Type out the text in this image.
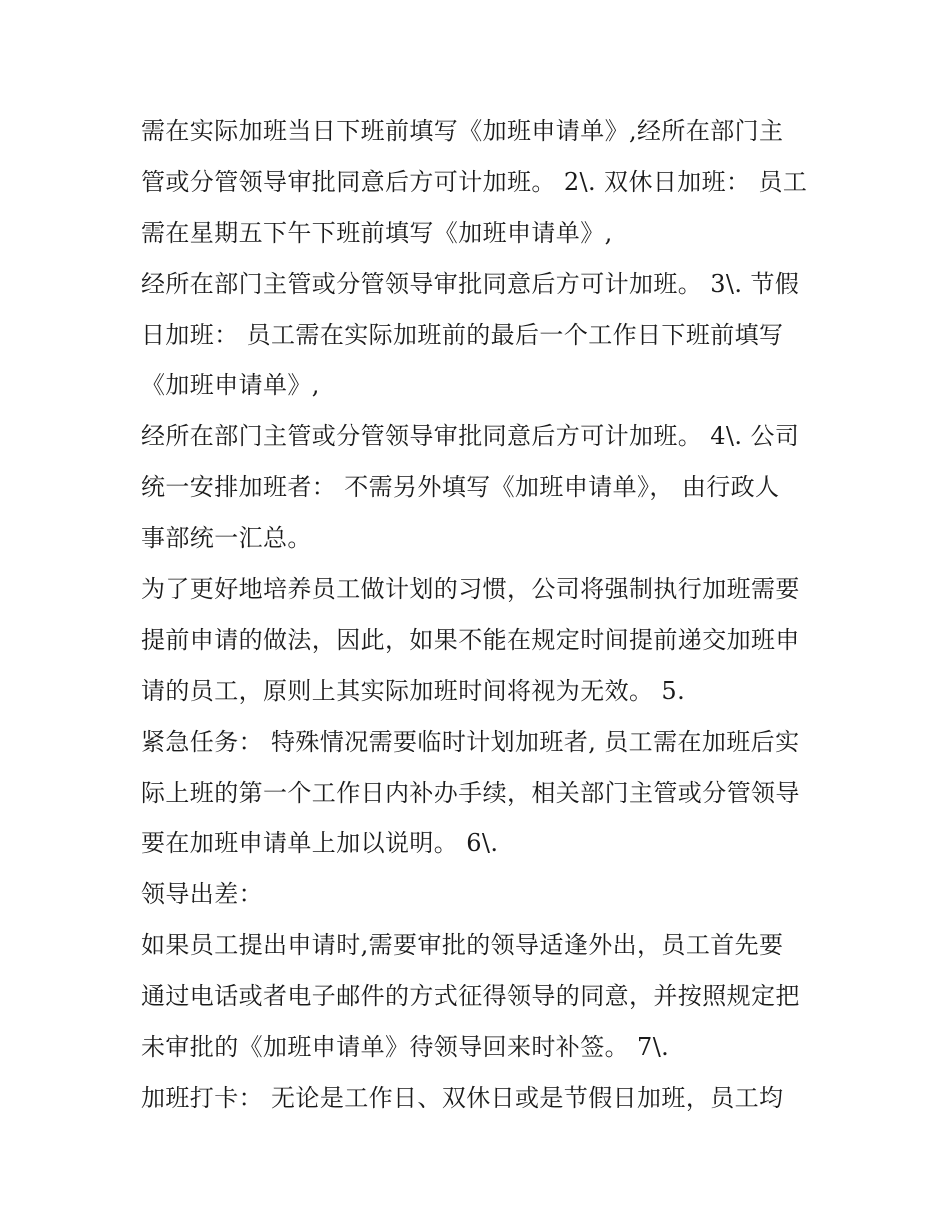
需在实际加班当日下班前填写《加班申请单》,经所在部门主
管或分管领导审批同意后方可计加班。 2\. 双休日加班： 员工
需在星期五下午下班前填写《加班申请单》,
经所在部门主管或分管领导审批同意后方可计加班。 3\. 节假
日加班： 员工需在实际加班前的最后一个工作日下班前填写
《加班申请单》,
经所在部门主管或分管领导审批同意后方可计加班。 4\. 公司
统一安排加班者： 不需另外填写《加班申请单》， 由行政人
事部统一汇总。
为了更好地培养员工做计划的习惯，公司将强制执行加班需要
提前申请的做法，因此，如果不能在规定时间提前递交加班申
请的员工，原则上其实际加班时间将视为无效。 5.
紧急任务： 特殊情况需要临时计划加班者, 员工需在加班后实
际上班的第一个工作日内补办手续，相关部门主管或分管领导
要在加班申请单上加以说明。 6\.
领导出差：
如果员工提出申请时,需要审批的领导适逢外出，员工首先要
通过电话或者电子邮件的方式征得领导的同意，并按照规定把
未审批的《加班申请单》待领导回来时补签。 7\.
加班打卡： 无论是工作日、双休日或是节假日加班，员工均
